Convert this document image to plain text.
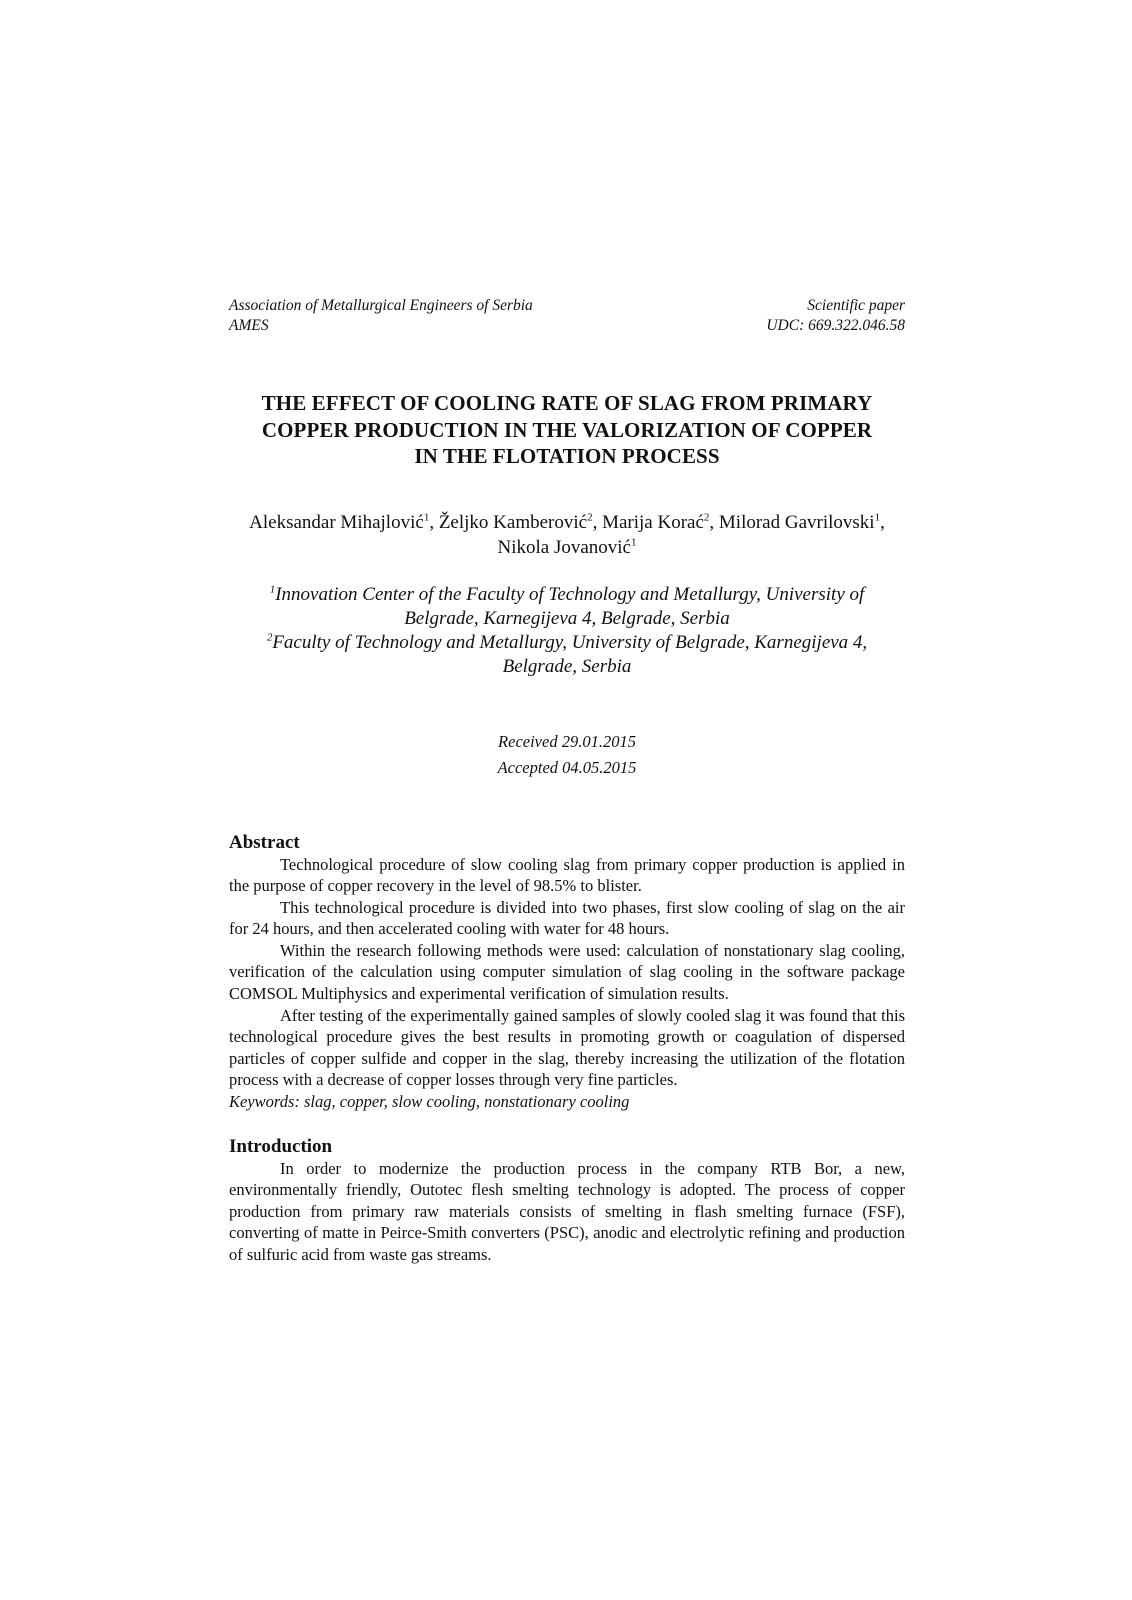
Association of Metallurgical Engineers of Serbia
AMES
Scientific paper
UDC: 669.322.046.58
THE EFFECT OF COOLING RATE OF SLAG FROM PRIMARY
COPPER PRODUCTION IN THE VALORIZATION OF COPPER
IN THE FLOTATION PROCESS
Aleksandar Mihajlović$^1$, Željko Kamberović$^2$, Marija Korać$^2$, Milorad Gavrilovski$^1$, Nikola Jovanović$^1$
$^1$Innovation Center of the Faculty of Technology and Metallurgy, University of
Belgrade, Karnegijeva 4, Belgrade, Serbia
$^2$Faculty of Technology and Metallurgy, University of Belgrade, Karnegijeva 4,
Belgrade, Serbia
Received 29.01.2015
Accepted 04.05.2015
Abstract

Technological procedure of slow cooling slag from primary copper production is applied in the purpose of copper recovery in the level of 98.5% to blister.

This technological procedure is divided into two phases, first slow cooling of slag on the air for 24 hours, and then accelerated cooling with water for 48 hours.

Within the research following methods were used: calculation of nonstationary slag cooling, verification of the calculation using computer simulation of slag cooling in the software package COMSOL Multiphysics and experimental verification of simulation results.

After testing of the experimentally gained samples of slowly cooled slag it was found that this technological procedure gives the best results in promoting growth or coagulation of dispersed particles of copper sulfide and copper in the slag, thereby increasing the utilization of the flotation process with a decrease of copper losses through very fine particles.

Keywords: slag, copper, slow cooling, nonstationary cooling
Introduction

In order to modernize the production process in the company RTB Bor, a new, environmentally friendly, Outotec flesh smelting technology is adopted. The process of copper production from primary raw materials consists of smelting in flash smelting furnace (FSF), converting of matte in Peirce-Smith converters (PSC), anodic and electrolytic refining and production of sulfuric acid from waste gas streams.
